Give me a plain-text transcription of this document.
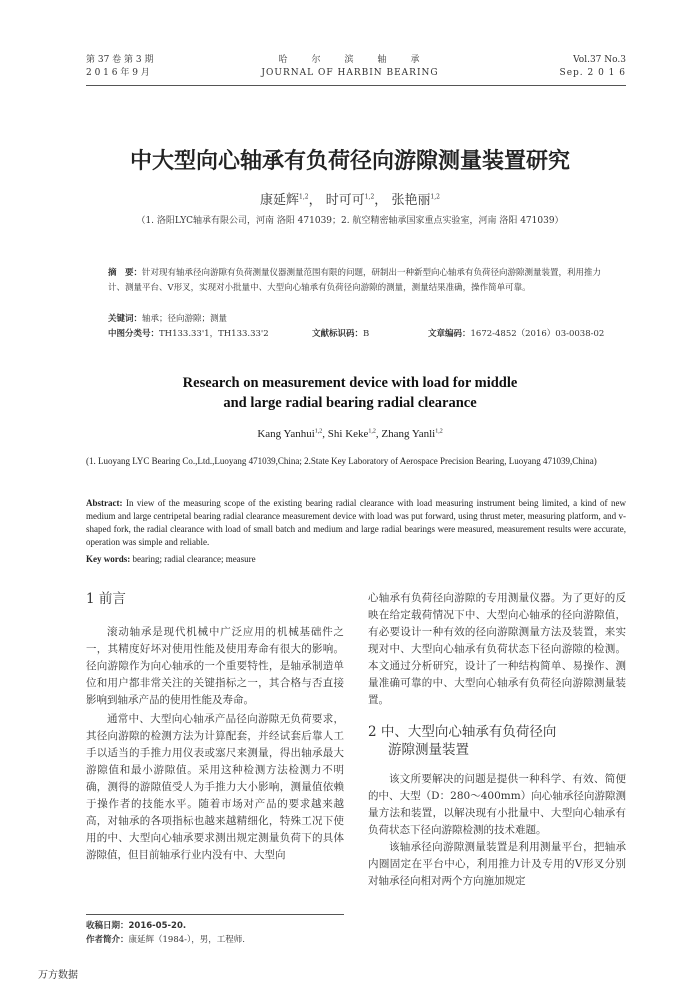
第 37 卷 第 3 期
2 0 1 6 年 9 月
哈　　尔　　滨　　轴　　承
JOURNAL OF HARBIN BEARING
Vol.37 No.3
Sep. 2 0 1 6
中大型向心轴承有负荷径向游隙测量装置研究
康延辉$^{1,2}$， 时可可$^{1,2}$， 张艳丽$^{1,2}$
（1. 洛阳LYC轴承有限公司，河南 洛阳 471039；2. 航空精密轴承国家重点实验室，河南 洛阳 471039）
摘　要：针对现有轴承径向游隙有负荷测量仪器测量范围有限的问题，研制出一种新型向心轴承有负荷径向游隙测量装置，利用推力计、测量平台、V形叉，实现对小批量中、大型向心轴承有负荷径向游隙的测量，测量结果准确，操作简单可靠。
关键词：轴承；径向游隙；测量
中图分类号：TH133.33'1，TH133.33'2	文献标识码：B	文章编码：1672-4852（2016）03-0038-02
Research on measurement device with load for middle
and large radial bearing radial clearance
Kang Yanhui$^{1,2}$, Shi Keke$^{1,2}$, Zhang Yanli$^{1,2}$
(1. Luoyang LYC Bearing Co.,Ltd.,Luoyang 471039,China; 2.State Key Laboratory of Aerospace Precision Bearing, Luoyang 471039,China)
Abstract: In view of the measuring scope of the existing bearing radial clearance with load measuring instrument being limited, a kind of new medium and large centripetal bearing radial clearance measurement device with load was put forward, using thrust meter, measuring platform, and v-shaped fork, the radial clearance with load of small batch and medium and large radial bearings were measured, measurement results were accurate, operation was simple and reliable.
Key words: bearing; radial clearance; measure
1 前言

滚动轴承是现代机械中广泛应用的机械基础件之一，其精度好坏对使用性能及使用寿命有很大的影响。径向游隙作为向心轴承的一个重要特性，是轴承制造单位和用户都非常关注的关键指标之一，其合格与否直接影响到轴承产品的使用性能及寿命。

通常中、大型向心轴承产品径向游隙无负荷要求，其径向游隙的检测方法为计算配套，并经试套后靠人工手以适当的手推力用仪表或塞尺来测量，得出轴承最大游隙值和最小游隙值。采用这种检测方法检测力不明确，测得的游隙值受人为手推力大小影响，测量值依赖于操作者的技能水平。随着市场对产品的要求越来越高，对轴承的各项指标也越来越精细化，特殊工况下使用的中、大型向心轴承要求测出规定测量负荷下的具体游隙值，但目前轴承行业内没有中、大型向

心轴承有负荷径向游隙的专用测量仪器。为了更好的反映在给定载荷情况下中、大型向心轴承的径向游隙值，有必要设计一种有效的径向游隙测量方法及装置，来实现对中、大型向心轴承有负荷状态下径向游隙的检测。本文通过分析研究，设计了一种结构简单、易操作、测量准确可靠的中、大型向心轴承有负荷径向游隙测量装置。

2 中、大型向心轴承有负荷径向
游隙测量装置

该文所要解决的问题是提供一种科学、有效、简便的中、大型（D：280～400mm）向心轴承径向游隙测量方法和装置，以解决现有小批量中、大型向心轴承有负荷状态下径向游隙检测的技术难题。

该轴承径向游隙测量装置是利用测量平台，把轴承内圈固定在平台中心，利用推力计及专用的V形叉分别对轴承径向相对两个方向施加规定

收稿日期：2016-05-20.
作者简介：康延辉（1984-），男，工程师.
万方数据
